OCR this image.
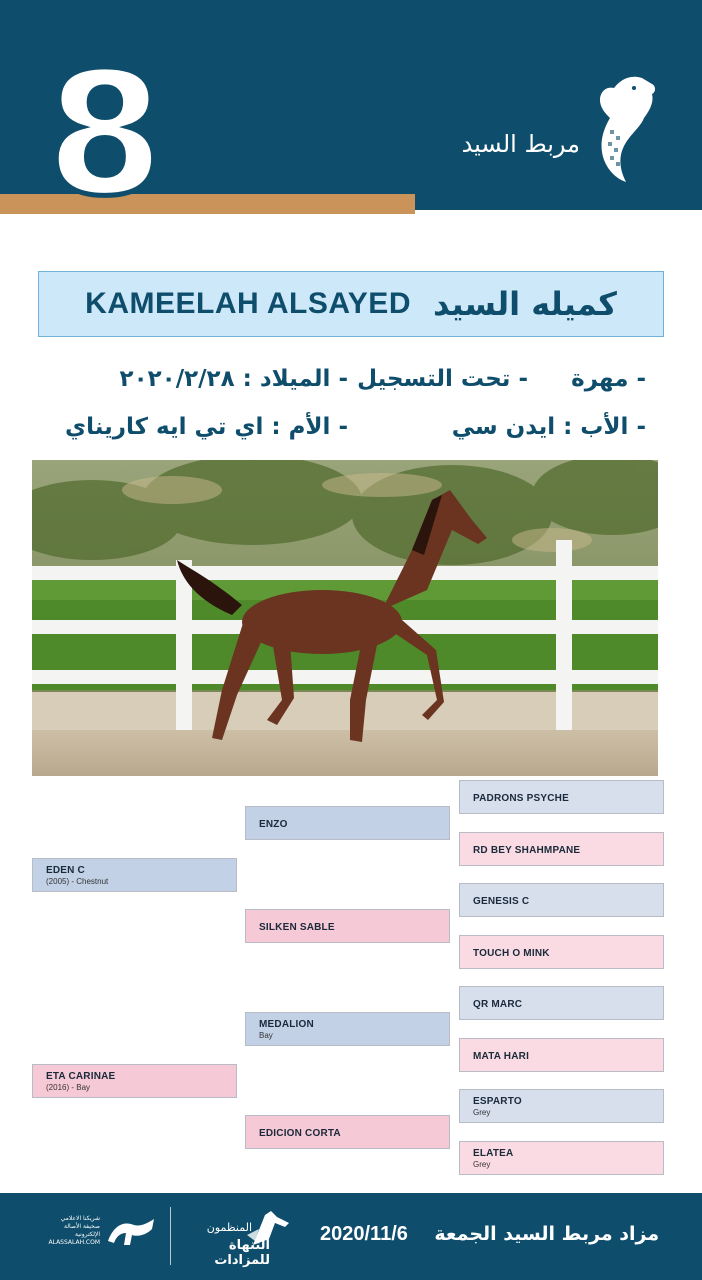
8	مربط السيد
KAMEELAH ALSAYED كميله السيد
- مهرة
- تحت التسجيل
- الميلاد : ٢٠٢٠/٢/٢٨
- الأب : ايدن سي
- الأم : اي تي ايه كاريناي
EDEN C
(2005) - Chestnut
ETA CARINAE
(2016) - Bay
ENZO
SILKEN SABLE
MEDALION
Bay
EDICION CORTA
PADRONS PSYCHE
RD BEY SHAHMPANE
GENESIS C
TOUCH O MINK
QR MARC
MATA HARI
ESPARTO
Grey
ELATEA
Grey
مزاد مربط السيد الجمعة    2020/11/6
المنظمون
التنهاة للمزادات
شريكنا الاعلامي
صحيفة الأصالة الإلكترونية
ALASSALAH.COM
